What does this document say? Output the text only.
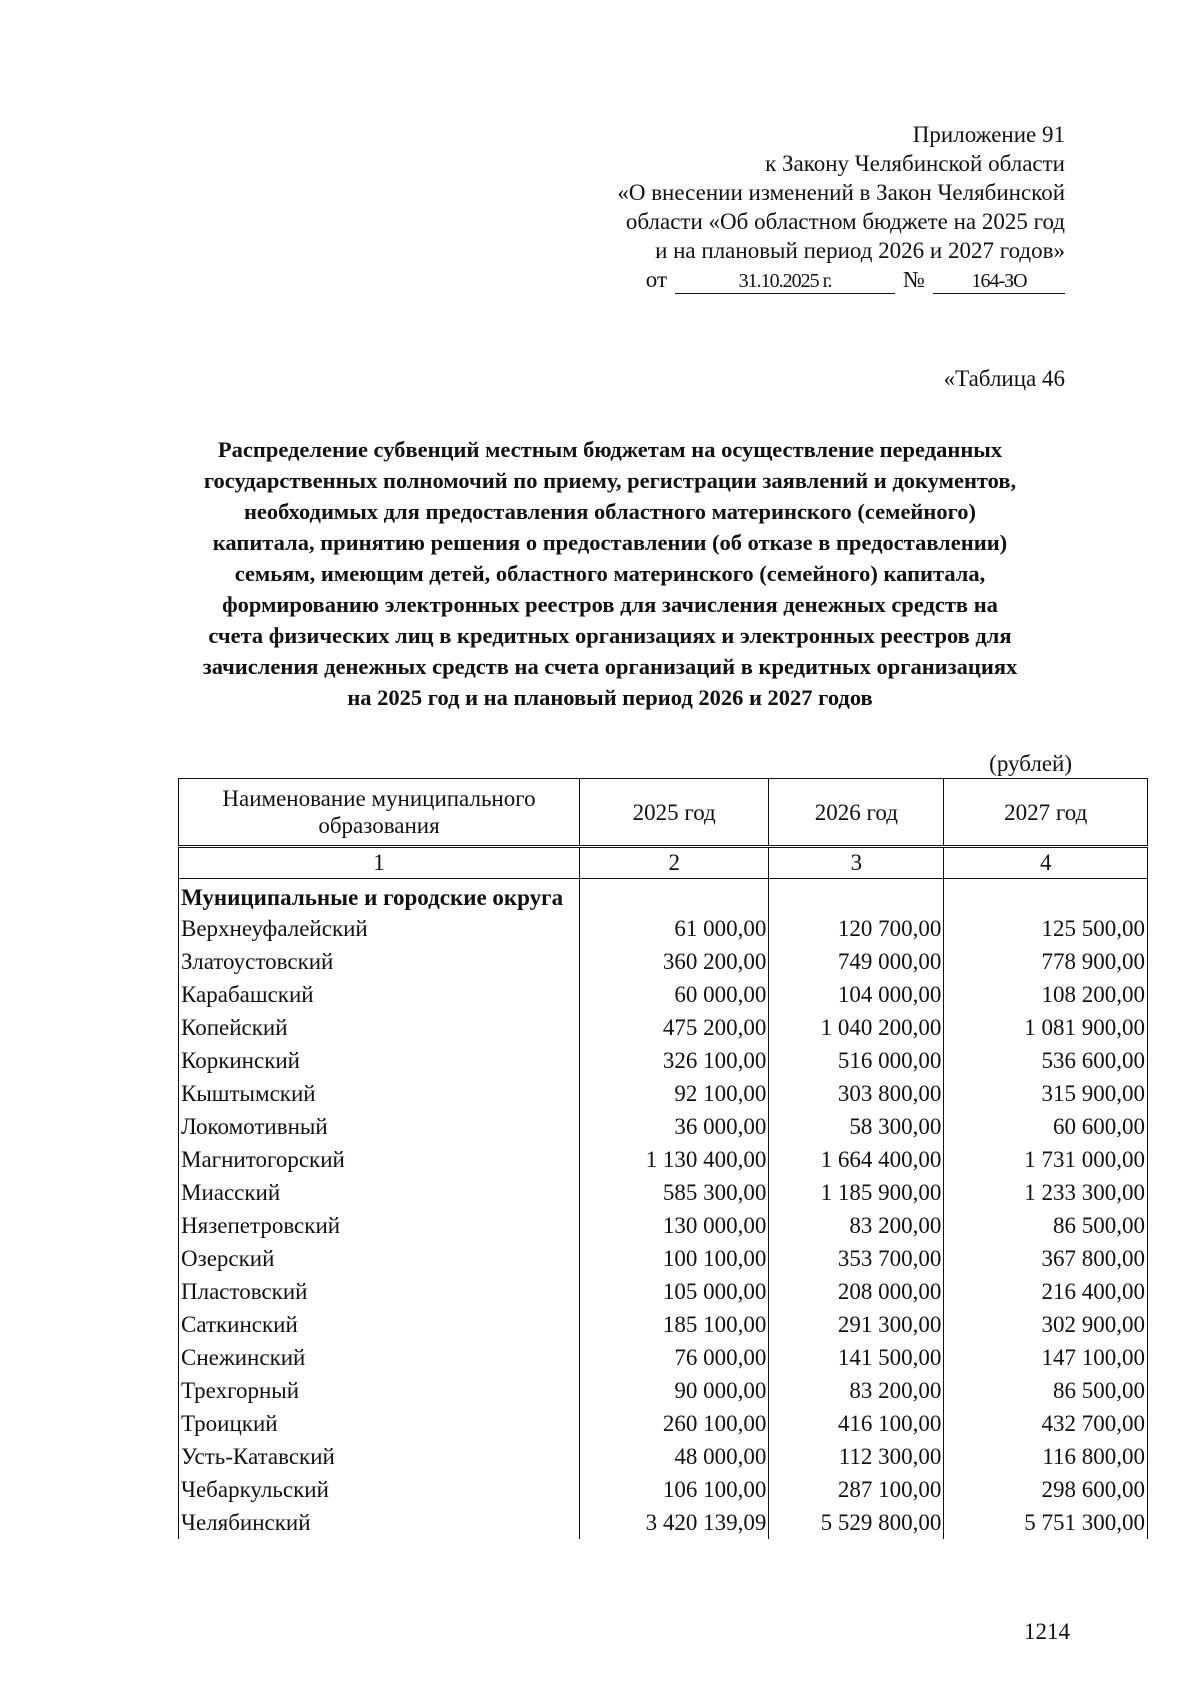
Приложение 91
к Закону Челябинской области
«О внесении изменений в Закон Челябинской
области «Об областном бюджете на 2025 год
и на плановый период 2026 и 2027 годов»
от	31.10.2025 г.	№	164-ЗО
«Таблица 46
Распределение субвенций местным бюджетам на осуществление переданных
государственных полномочий по приему, регистрации заявлений и документов,
необходимых для предоставления областного материнского (семейного)
капитала, принятию решения о предоставлении (об отказе в предоставлении)
семьям, имеющим детей, областного материнского (семейного) капитала,
формированию электронных реестров для зачисления денежных средств на
счета физических лиц в кредитных организациях и электронных реестров для
зачисления денежных средств на счета организаций в кредитных организациях
на 2025 год и на плановый период 2026 и 2027 годов
(рублей)
Наименование муниципального образования	2025 год	2026 год	2027 год
1	2	3	4
Муниципальные и городские округа			
Верхнеуфалейский	61 000,00	120 700,00	125 500,00
Златоустовский	360 200,00	749 000,00	778 900,00
Карабашский	60 000,00	104 000,00	108 200,00
Копейский	475 200,00	1 040 200,00	1 081 900,00
Коркинский	326 100,00	516 000,00	536 600,00
Кыштымский	92 100,00	303 800,00	315 900,00
Локомотивный	36 000,00	58 300,00	60 600,00
Магнитогорский	1 130 400,00	1 664 400,00	1 731 000,00
Миасский	585 300,00	1 185 900,00	1 233 300,00
Нязепетровский	130 000,00	83 200,00	86 500,00
Озерский	100 100,00	353 700,00	367 800,00
Пластовский	105 000,00	208 000,00	216 400,00
Саткинский	185 100,00	291 300,00	302 900,00
Снежинский	76 000,00	141 500,00	147 100,00
Трехгорный	90 000,00	83 200,00	86 500,00
Троицкий	260 100,00	416 100,00	432 700,00
Усть-Катавский	48 000,00	112 300,00	116 800,00
Чебаркульский	106 100,00	287 100,00	298 600,00
Челябинский	3 420 139,09	5 529 800,00	5 751 300,00
1214
